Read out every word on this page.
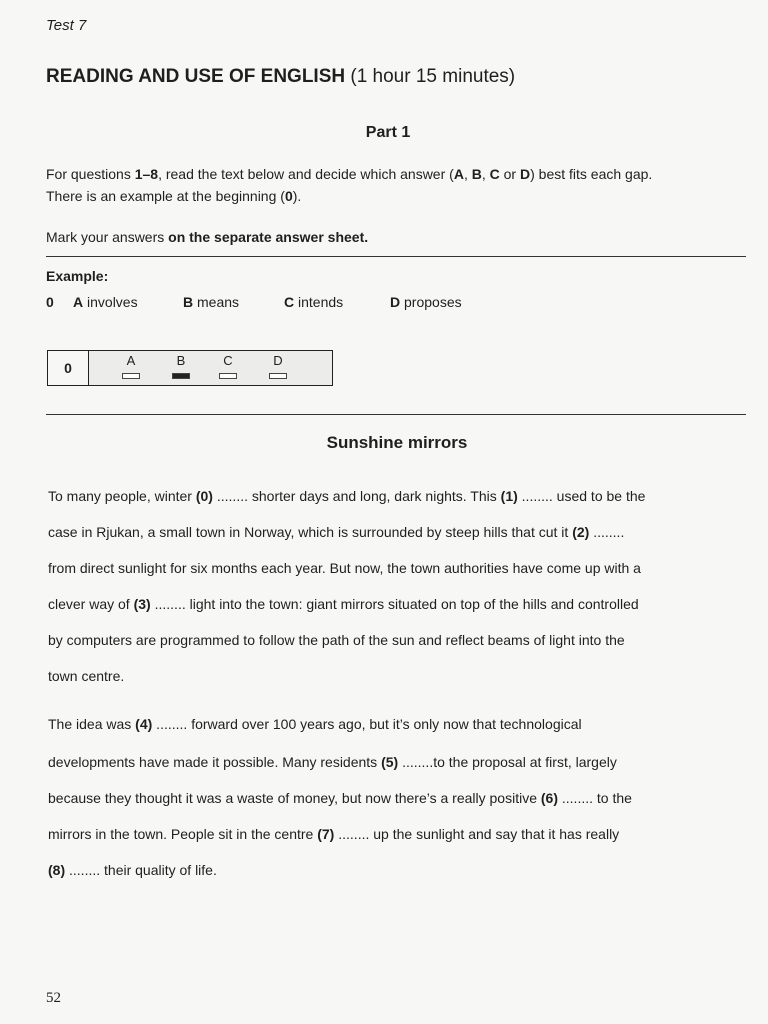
Test 7
READING AND USE OF ENGLISH (1 hour 15 minutes)
Part 1
For questions 1–8, read the text below and decide which answer (A, B, C or D) best fits each gap.
There is an example at the beginning (0).
Mark your answers on the separate answer sheet.
Example:
0 A involves	B means	C intends	D proposes
0	A	B	C	D
Sunshine mirrors
To many people, winter (0) ........ shorter days and long, dark nights. This (1) ........ used to be the
case in Rjukan, a small town in Norway, which is surrounded by steep hills that cut it (2) ........
from direct sunlight for six months each year. But now, the town authorities have come up with a
clever way of (3) ........ light into the town: giant mirrors situated on top of the hills and controlled
by computers are programmed to follow the path of the sun and reflect beams of light into the
town centre.
The idea was (4) ........ forward over 100 years ago, but it’s only now that technological
developments have made it possible. Many residents (5) ........to the proposal at first, largely
because they thought it was a waste of money, but now there’s a really positive (6) ........ to the
mirrors in the town. People sit in the centre (7) ........ up the sunlight and say that it has really
(8) ........ their quality of life.
52
